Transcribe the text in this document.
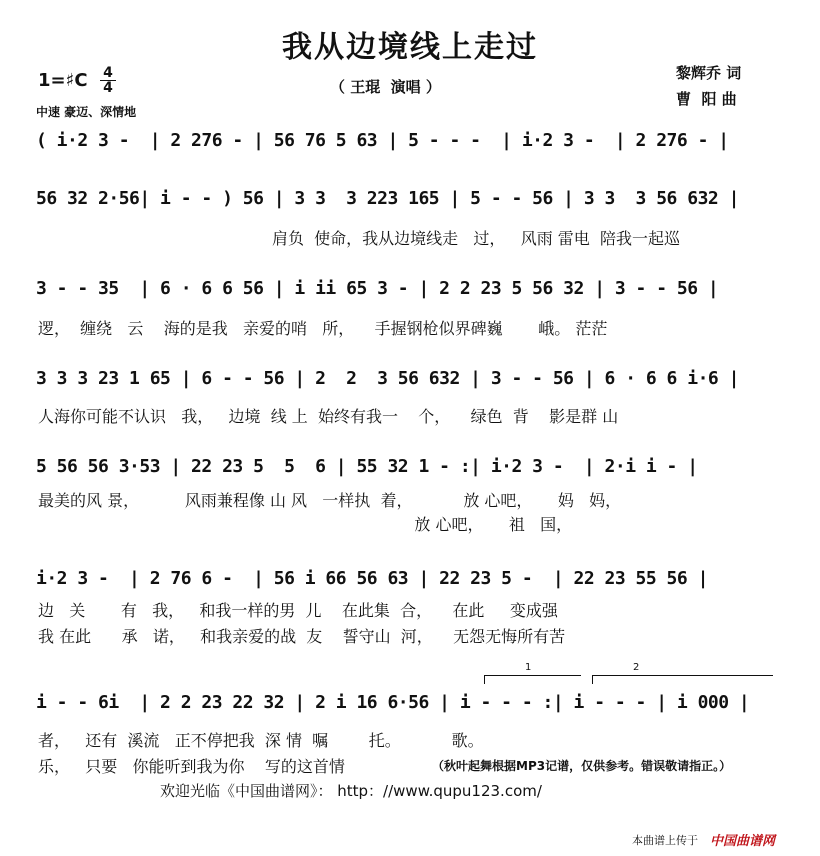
我从边境线上走过
（ 王琨  演唱 ）
黎辉乔 词
曹  阳 曲
1=♯C 4
4
中速 豪迈、深情地
( i·2 3 -  | 2 276 - | 56 76 5 63 | 5 - - -  | i·2 3 -  | 2 276 - |
56 32 2·56| i - - ) 56 | 3 3  3 223 165 | 5 - - 56 | 3 3  3 56 632 |
肩负  使命，我从边境线走   过，   风雨 雷电  陪我一起巡
3 - - 35  | 6 · 6 6 56 | i ii 65 3 - | 2 2 23 5 56 32 | 3 - - 56 |
逻，  缠绕   云    海的是我   亲爱的哨   所，    手握钢枪似界碑巍       峨。 茫茫
3 3 3 23 1 65 | 6 - - 56 | 2  2  3 56 632 | 3 - - 56 | 6 · 6 6 i·6 |
人海你可能不认识   我，   边境  线 上  始终有我一    个，    绿色  背    影是群 山
5 56 56 3·53 | 22 23 5  5  6 | 55 32 1 - :| i·2 3 -  | 2·i i - |
最美的风 景，         风雨兼程像 山 风   一样执  着，          放 心吧，     妈   妈，
放 心吧，     祖   国，
i·2 3 -  | 2 76 6 -  | 56 i 66 56 63 | 22 23 5 -  | 22 23 55 56 |
边   关       有   我，   和我一样的男  儿    在此集  合，    在此     变成强
我 在此      承   诺，   和我亲爱的战  友    誓守山  河，    无怨无悔所有苦
1	2
i - - 6i  | 2 2 23 22 32 | 2 i 16 6·56 | i - - - :| i - - - | i 000 |
者，   还有  溪流   正不停把我  深 情  嘱        托。          歌。
乐，   只要   你能听到我为你    写的这首情	（秋叶起舞根据MP3记谱，仅供参考。错误敬请指正。）
欢迎光临《中国曲谱网》： http：//www.qupu123.com/
本曲谱上传于 中国曲谱网
